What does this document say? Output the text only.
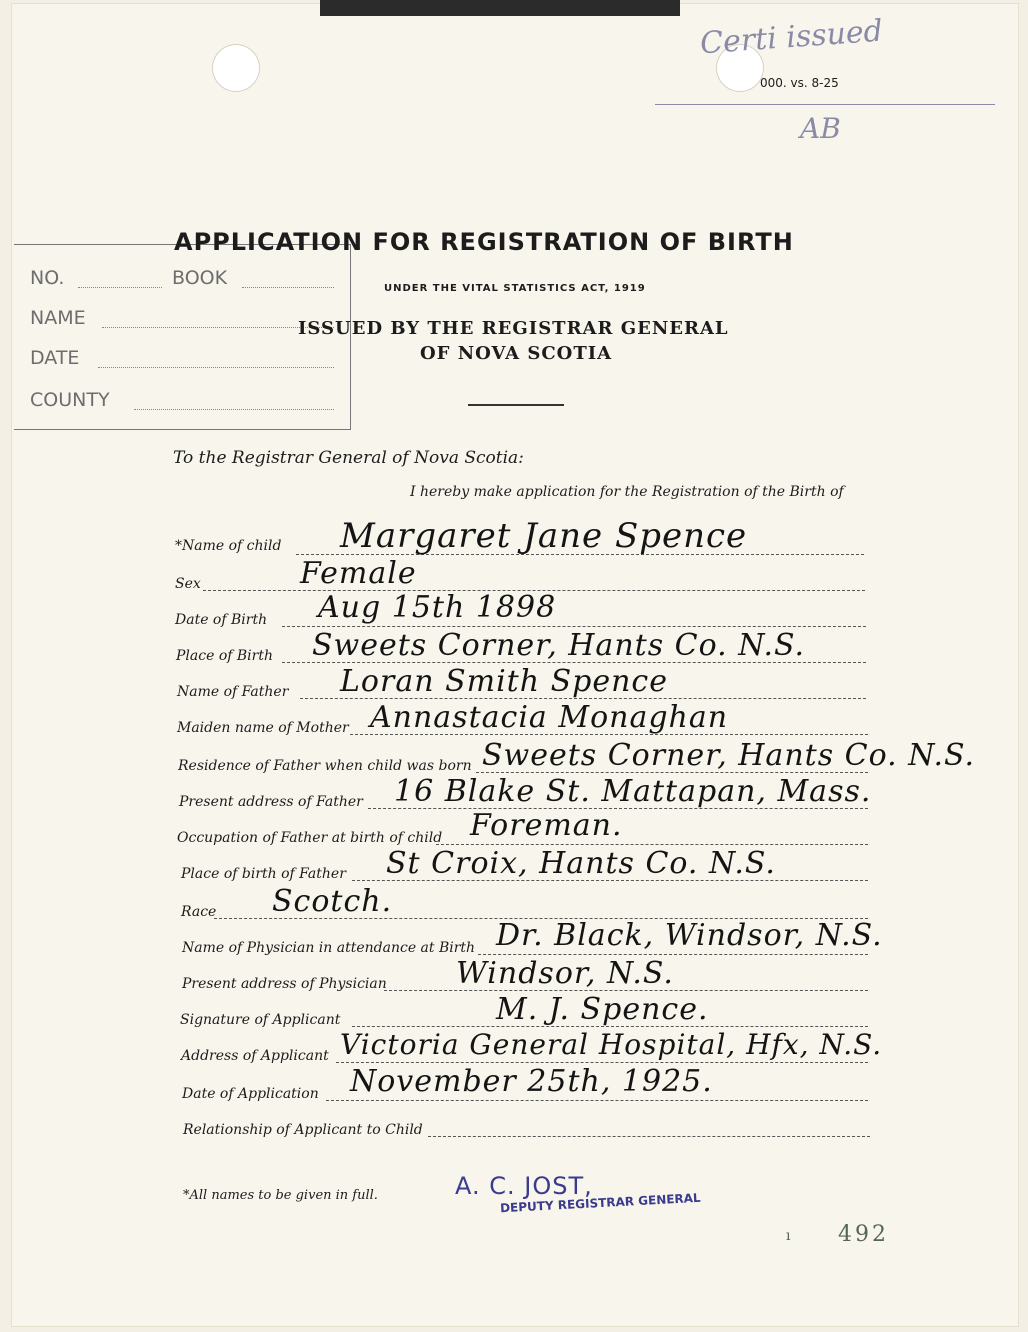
000. vs. 8-25
Certi issued
AB
NO.	BOOK
NAME
DATE
COUNTY
APPLICATION FOR REGISTRATION OF BIRTH
UNDER THE VITAL STATISTICS ACT, 1919
ISSUED BY THE REGISTRAR GENERAL
OF NOVA SCOTIA
To the Registrar General of Nova Scotia:
I hereby make application for the Registration of the Birth of
*Name of child Margaret Jane Spence
Sex	Female
Date of Birth Aug 15th 1898
Place of Birth Sweets Corner, Hants Co. N.S.
Name of Father Loran Smith Spence
Maiden name of Mother Annastacia Monaghan
Residence of Father when child was born Sweets Corner, Hants Co. N.S.
Present address of Father 16 Blake St. Mattapan, Mass.
Occupation of Father at birth of child Foreman.
Place of birth of Father St Croix, Hants Co. N.S.
Race Scotch.
Name of Physician in attendance at Birth Dr. Black, Windsor, N.S.
Present address of Physician Windsor, N.S.
Signature of Applicant	M. J. Spence.
Address of Applicant Victoria General Hospital, Hfx, N.S.
Date of Application November 25th, 1925.
Relationship of Applicant to Child
*All names to be given in full.	A. C. JOST,
DEPUTY REGISTRAR GENERAL
ı 492
